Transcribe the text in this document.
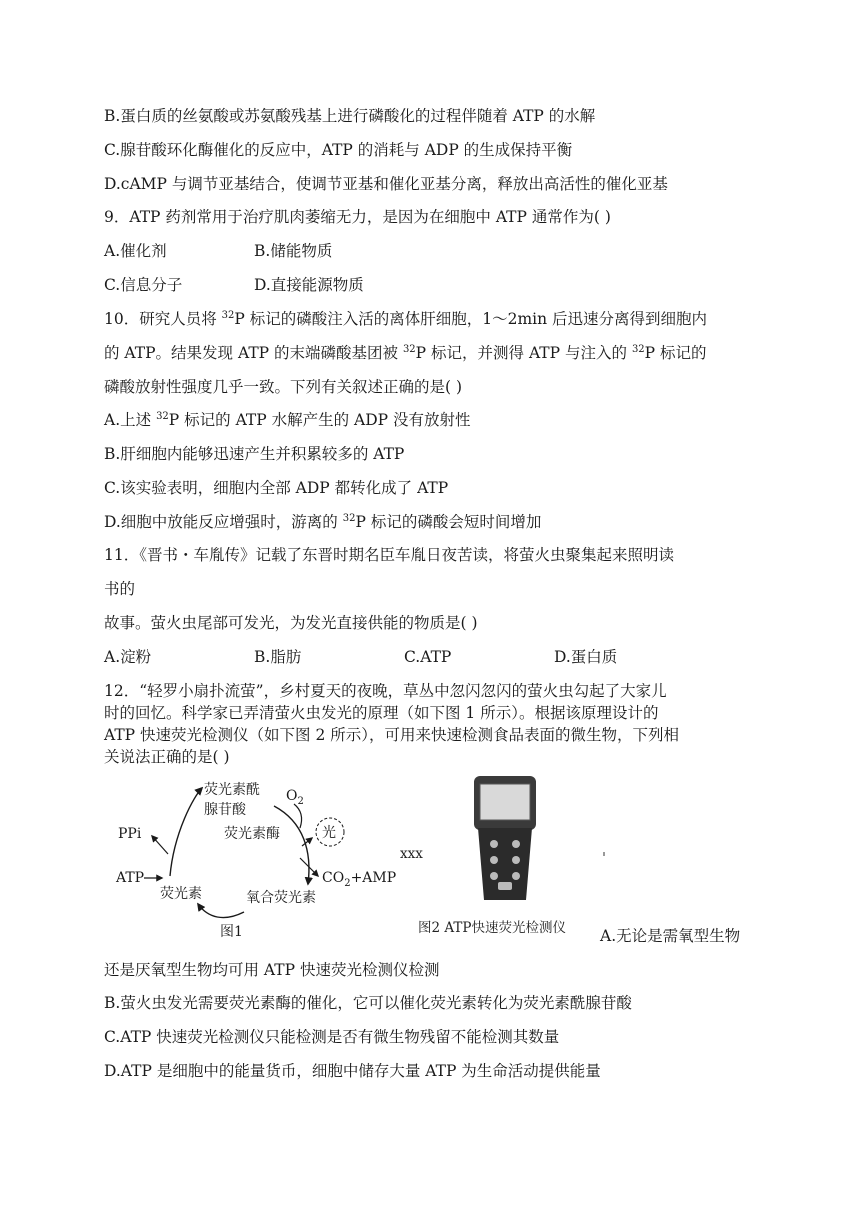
B.蛋白质的丝氨酸或苏氨酸残基上进行磷酸化的过程伴随着 ATP 的水解
C.腺苷酸环化酶催化的反应中，ATP 的消耗与 ADP 的生成保持平衡
D.cAMP 与调节亚基结合，使调节亚基和催化亚基分离，释放出高活性的催化亚基
9．ATP 药剂常用于治疗肌肉萎缩无力，是因为在细胞中 ATP 通常作为( )
A.催化剂	B.储能物质
C.信息分子	D.直接能源物质
10．研究人员将 $^{32}$P 标记的磷酸注入活的离体肝细胞，1～2min 后迅速分离得到细胞内
的 ATP。结果发现 ATP 的末端磷酸基团被 $^{32}$P 标记，并测得 ATP 与注入的 $^{32}$P 标记的
磷酸放射性强度几乎一致。下列有关叙述正确的是( )
A.上述 $^{32}$P 标记的 ATP 水解产生的 ADP 没有放射性
B.肝细胞内能够迅速产生并积累较多的 ATP
C.该实验表明，细胞内全部 ADP 都转化成了 ATP
D.细胞中放能反应增强时，游离的 $^{32}$P 标记的磷酸会短时间增加
11．《晋书・车胤传》记载了东晋时期名臣车胤日夜苦读，将萤火虫聚集起来照明读
书的
故事。萤火虫尾部可发光，为发光直接供能的物质是( )
A.淀粉	B.脂肪	C.ATP	D.蛋白质
12．“轻罗小扇扑流萤”，乡村夏天的夜晚，草丛中忽闪忽闪的萤火虫勾起了大家儿
时的回忆。科学家已弄清萤火虫发光的原理（如下图 1 所示）。根据该原理设计的
ATP 快速荧光检测仪（如下图 2 所示），可用来快速检测食品表面的微生物，下列相
关说法正确的是( )
荧光素酰
腺苷酸
$O_2$
荧光素酶
PPi
ATP	$CO_2+AMP$
荧光素	氧合荧光素
图1
光
xxx
图2 ATP快速荧光检测仪 A.无论是需氧型生物
还是厌氧型生物均可用 ATP 快速荧光检测仪检测
B.萤火虫发光需要荧光素酶的催化，它可以催化荧光素转化为荧光素酰腺苷酸
C.ATP 快速荧光检测仪只能检测是否有微生物残留不能检测其数量
D.ATP 是细胞中的能量货币，细胞中储存大量 ATP 为生命活动提供能量
